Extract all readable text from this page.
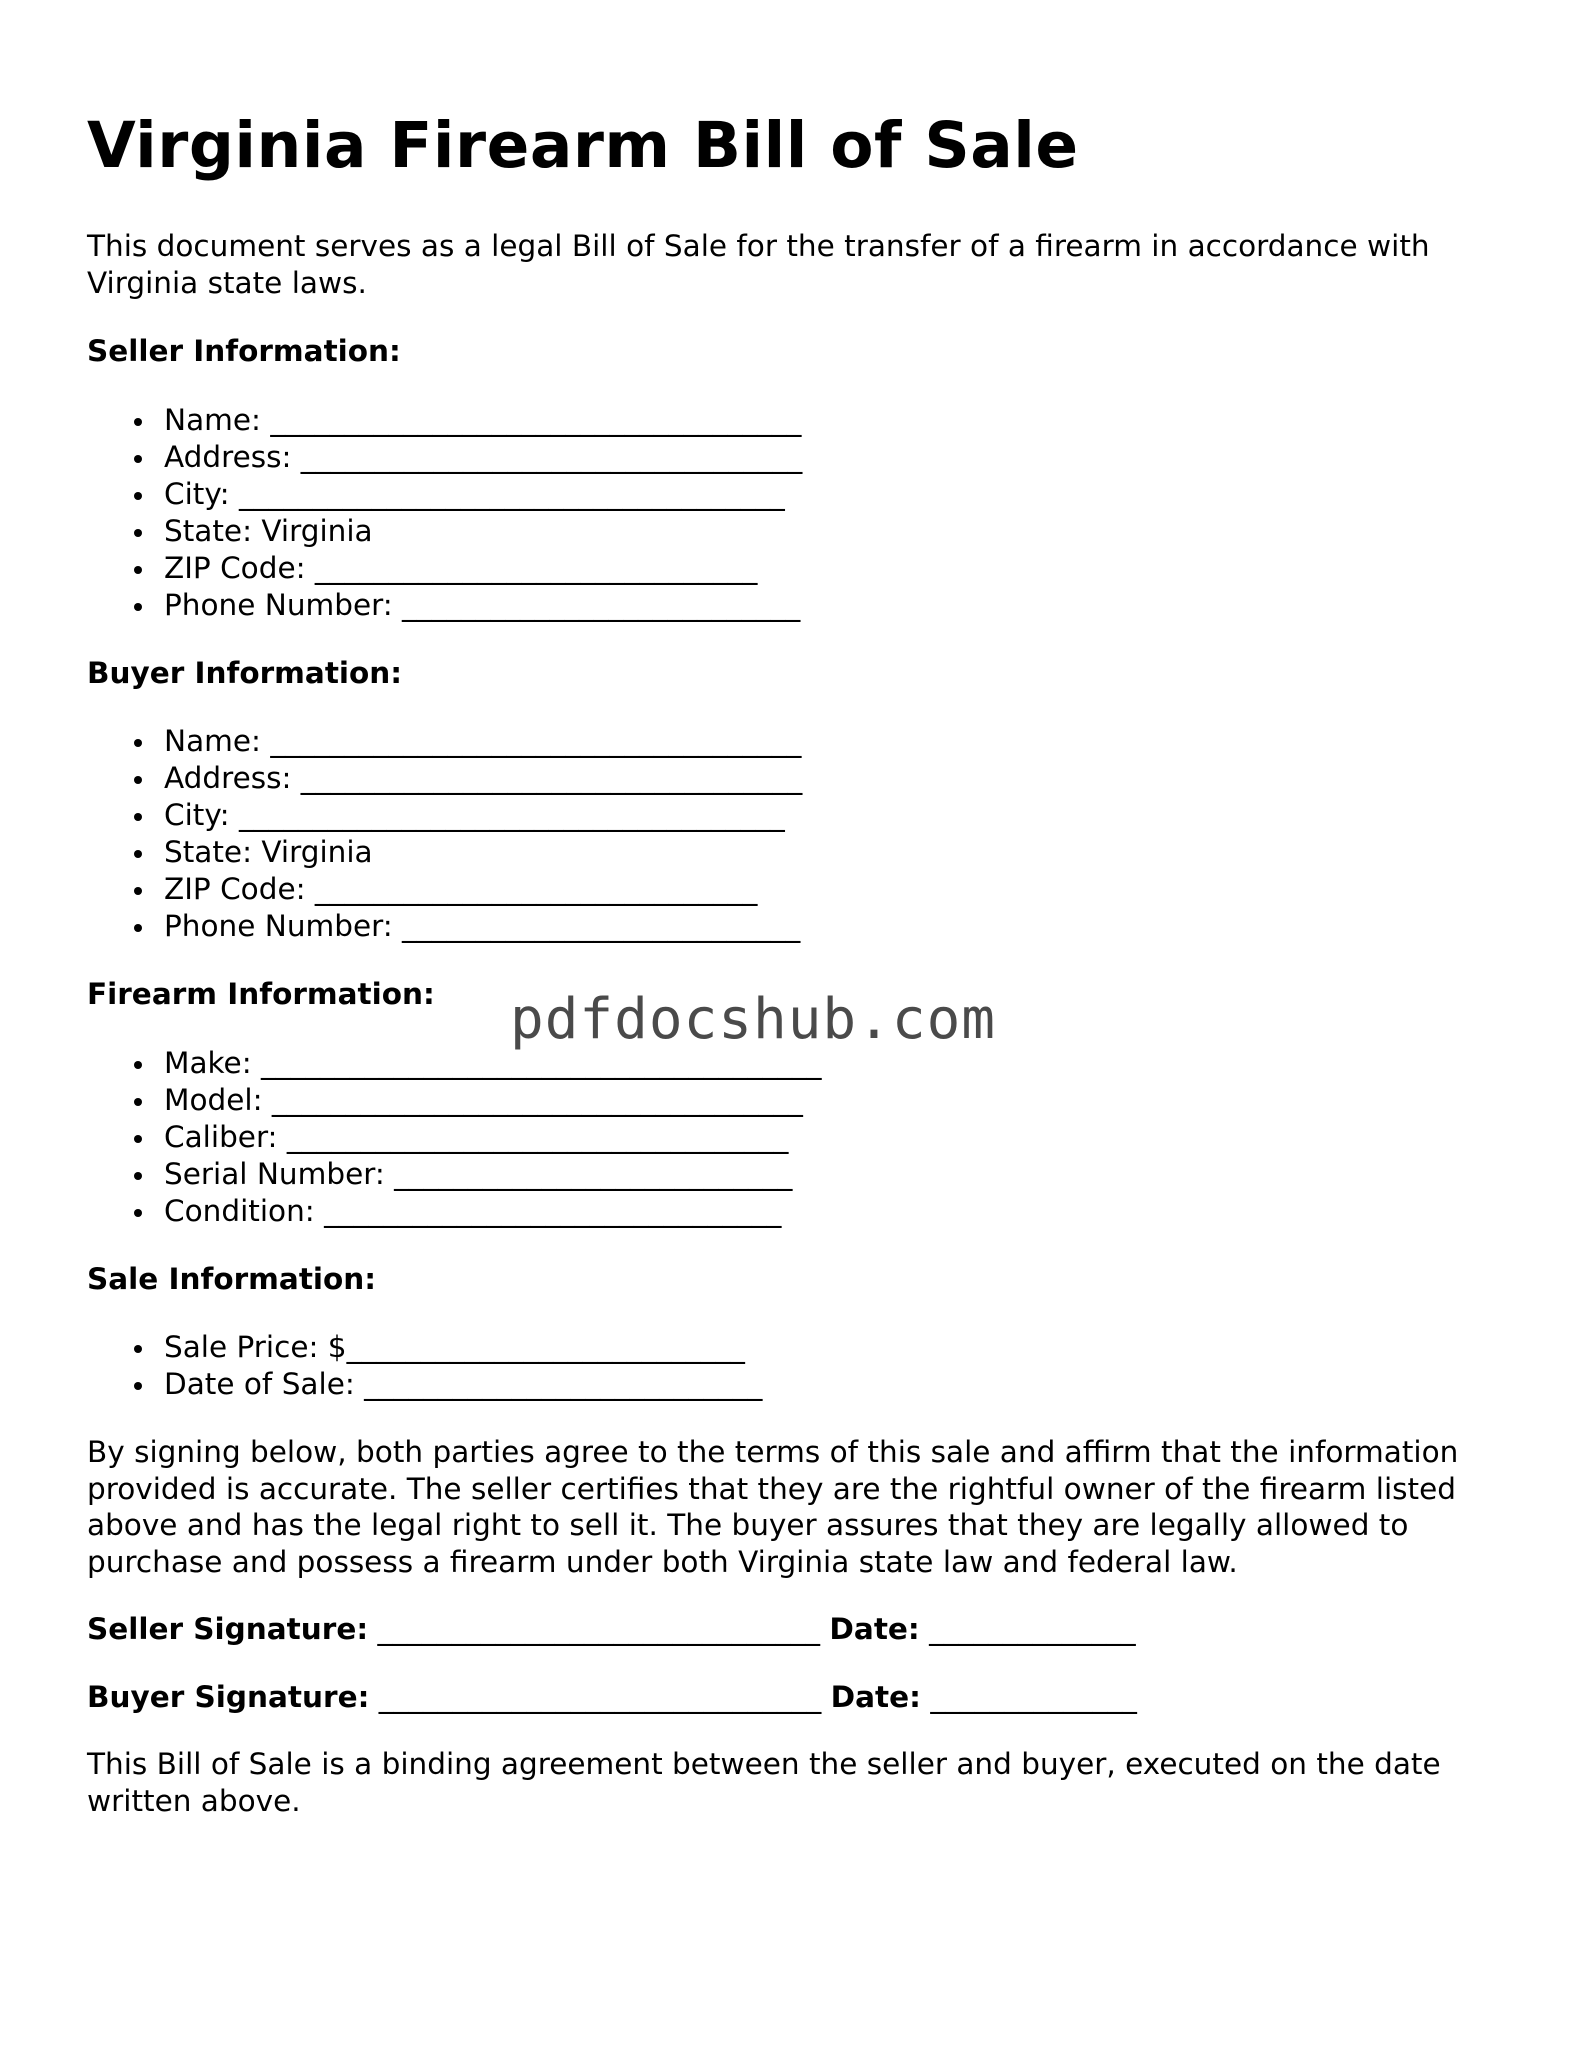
Virginia Firearm Bill of Sale

This document serves as a legal Bill of Sale for the transfer of a firearm in accordance with Virginia state laws.

Seller Information:
Name: ____________________________________
Address: __________________________________
City: _____________________________________
State: Virginia
ZIP Code: ______________________________
Phone Number: ___________________________
Buyer Information:
Name: ____________________________________
Address: __________________________________
City: _____________________________________
State: Virginia
ZIP Code: ______________________________
Phone Number: ___________________________
Firearm Information:
Make: ______________________________________
Model: ____________________________________
Caliber: __________________________________
Serial Number: ___________________________
Condition: _______________________________
Sale Information:
Sale Price: $___________________________
Date of Sale: ___________________________

By signing below, both parties agree to the terms of this sale and affirm that the information provided is accurate. The seller certifies that they are the rightful owner of the firearm listed above and has the legal right to sell it. The buyer assures that they are legally allowed to purchase and possess a firearm under both Virginia state law and federal law.

Seller Signature: ______________________________ Date: ______________
Buyer Signature: ______________________________ Date: ______________

This Bill of Sale is a binding agreement between the seller and buyer, executed on the date written above.

pdfdocshub.com
